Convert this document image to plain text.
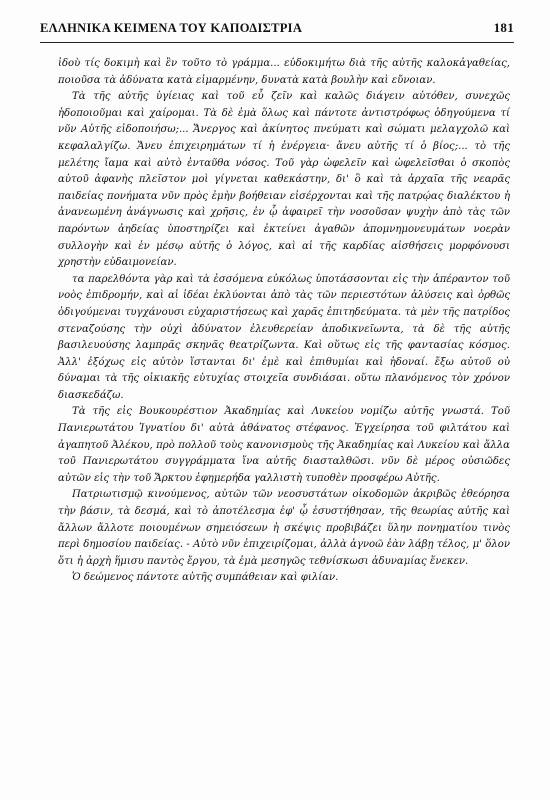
ΕΛΛΗΝΙΚΑ ΚΕΙΜΕΝΑ ΤΟΥ ΚΑΠΟΔΙΣΤΡΙΑ	181

ἰδοὺ τίς δοκιμὴ καὶ ἓν τοῦτο τὸ γράμμα... εὐδοκιμήτω διὰ τῆς αὐτῆς καλοκἀγαθείας, ποιοῦσα τὰ ἀδύνατα κατὰ εἱμαρμένην, δυνατὰ κατὰ βουλὴν καὶ εὔνοιαν.

Τὰ τῆς αὐτῆς ὑγίειας καὶ τοῦ εὖ ζεῖν καὶ καλῶς διάγειν αὐτόθεν, συνεχῶς ἡδοποιοῦμαι καὶ χαίρομαι. Τὰ δὲ ἐμὰ ὅλως καὶ πάντοτε ἀντιστρόφως ὁδηγούμενα τί νῦν Αὐτῆς εἰδοποιήσω;... Ἄνεργος καὶ ἀκίνητος πνεύματι καὶ σώματι μελαγχολῶ καὶ κεφαλαλγίζω. Ἄνευ ἐπιχειρημάτων τί ἡ ἐνέργεια· ἄνευ αὐτῆς τί ὁ βίος;... τὸ τῆς μελέτης ἴαμα καὶ αὐτὸ ἐνταῦθα νόσος. Τοῦ γὰρ ὠφελεῖν καὶ ὠφελεῖσθαι ὁ σκοπὸς αὐτοῦ ἀφανὴς πλεῖστον μοὶ γίγνεται καθεκάστην, δι' ὃ καὶ τὰ ἀρχαῖα τῆς νεαρᾶς παιδείας πονήματα νῦν πρὸς ἐμὴν βοήθειαν εἰσέρχονται καὶ τῆς πατρῴας διαλέκτου ἡ ἀνανεωμένη ἀνάγνωσις καὶ χρῆσις, ἐν ᾧ ἀφαιρεῖ τὴν νοσοῦσαν ψυχὴν ἀπὸ τὰς τῶν παρόντων ἀηδείας ὑποστηρίζει καὶ ἐκτείνει ἀγαθῶν ἀπομνημονευμάτων νοερὰν συλλογὴν καὶ ἐν μέσῳ αὐτῆς ὁ λόγος, καὶ αἱ τῆς καρδίας αἰσθήσεις μορφόνουσι χρηστὴν εὐδαιμονείαν.

τα παρελθόντα γὰρ καὶ τὰ ἐσσόμενα εὐκόλως ὑποτάσσονται εἰς τὴν ἀπέραντον τοῦ νοὸς ἐπιδρομήν, καὶ αἱ ἰδέαι ἐκλύονται ἀπὸ τὰς τῶν περιεστότων ἁλύσεις καὶ ὀρθῶς ὁδιγούμεναι τυγχάνουσι εὐχαριστήσεως καὶ χαρᾶς ἐπιτηδεύματα. τὰ μὲν τῆς πατρίδος στεναζούσης τὴν οὐχὶ ἀδύνατον ἐλευθερείαν ἀποδικνεῖωντα, τὰ δὲ τῆς αὐτῆς βασιλευούσης λαμπρᾶς σκηνᾶς θεατρίζωντα. Καὶ οὕτως εἰς τῆς φαντασίας κόσμος. Ἀλλ' ἐξόχως εἰς αὐτὸν ἵστανται δι' ἐμὲ καὶ ἐπιθυμίαι καὶ ἡδοναί. ἔξω αὐτοῦ οὐ δύναμαι τὰ τῆς οἰκιακῆς εὐτυχίας στοιχεῖα συνδιάσαι. οὕτω πλανόμενος τὸν χρόνον διασκεδάζω.

Τὰ τῆς εἰς Βουκουρέστιον Ἀκαδημίας καὶ Λυκείου νομίζω αὐτῆς γνωστά. Τοῦ Πανιερωτάτου Ἰγνατίου δι' αὐτὰ ἀθάνατος στέφανος. Ἐγχείρησα τοῦ φιλτάτου καὶ ἀγαπητοῦ Ἀλέκου, πρὸ πολλοῦ τοὺς κανονισμοὺς τῆς Ἀκαδημίας καὶ Λυκείου καὶ ἄλλα τοῦ Πανιερωτάτου συγγράμματα ἵνα αὐτῆς διασταλθῶσι. νῦν δὲ μέρος οὐσιῶδες αὐτῶν εἰς τὴν τοῦ Ἄρκτου ἐφημερήδα γαλλιστὴ τυποθὲν προσφέρω Αὐτῆς.

Πατριωτισμῷ κινούμενος, αὐτῶν τῶν νεοσυστάτων οἰκοδομῶν ἀκριβῶς ἐθεόρησα τὴν βάσιν, τὰ δεσμά, καὶ τὸ ἀποτέλεσμα ἐφ' ᾧ ἐσυστήθησαν, τῆς θεωρίας αὐτῆς καὶ ἄλλων ἄλλοτε ποιουμένων σημειόσεων ἡ σκέψις προβιβάζει ὕλην πονηματίου τινὸς περὶ δημοσίου παιδείας. - Αὐτὸ νῦν ἐπιχειρίζομαι, ἀλλὰ ἀγνοῶ ἐὰν λάβῃ τέλος, μ' ὅλον ὅτι ἡ ἀρχὴ ἥμισυ παντὸς ἔργου, τὰ ἐμὰ μεσηγῶς τεθνίσκωσι ἀδυναμίας ἕνεκεν.

Ὁ δεώμενος πάντοτε αὐτῆς συμπάθειαν καὶ φιλίαν.
